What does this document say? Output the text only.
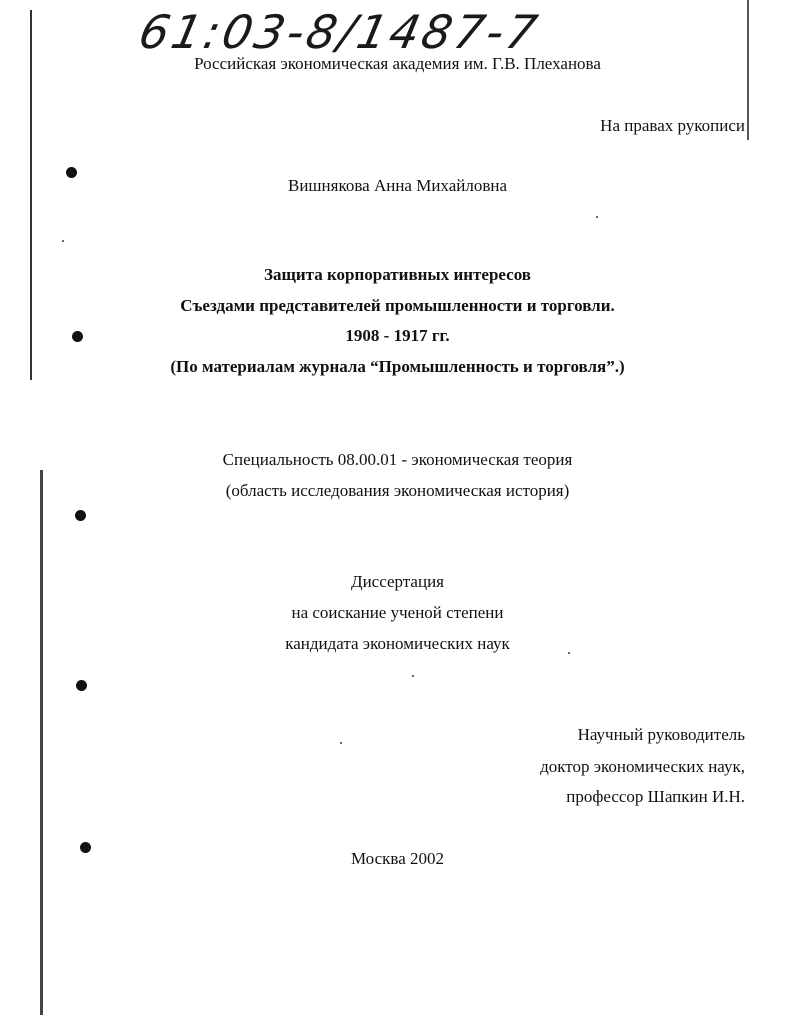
61:03-8/1487-7
Российская экономическая академия им. Г.В. Плеханова
На правах рукописи
Вишнякова Анна Михайловна
Защита корпоративных интересов
Съездами представителей промышленности и торговли.
1908 - 1917 гг.
(По материалам журнала “Промышленность и торговля”.)
Специальность 08.00.01 - экономическая теория
(область исследования экономическая история)
Диссертация
на соискание ученой степени
кандидата экономических наук
Научный руководитель
доктор экономических наук,
профессор Шапкин И.Н.
Москва 2002
